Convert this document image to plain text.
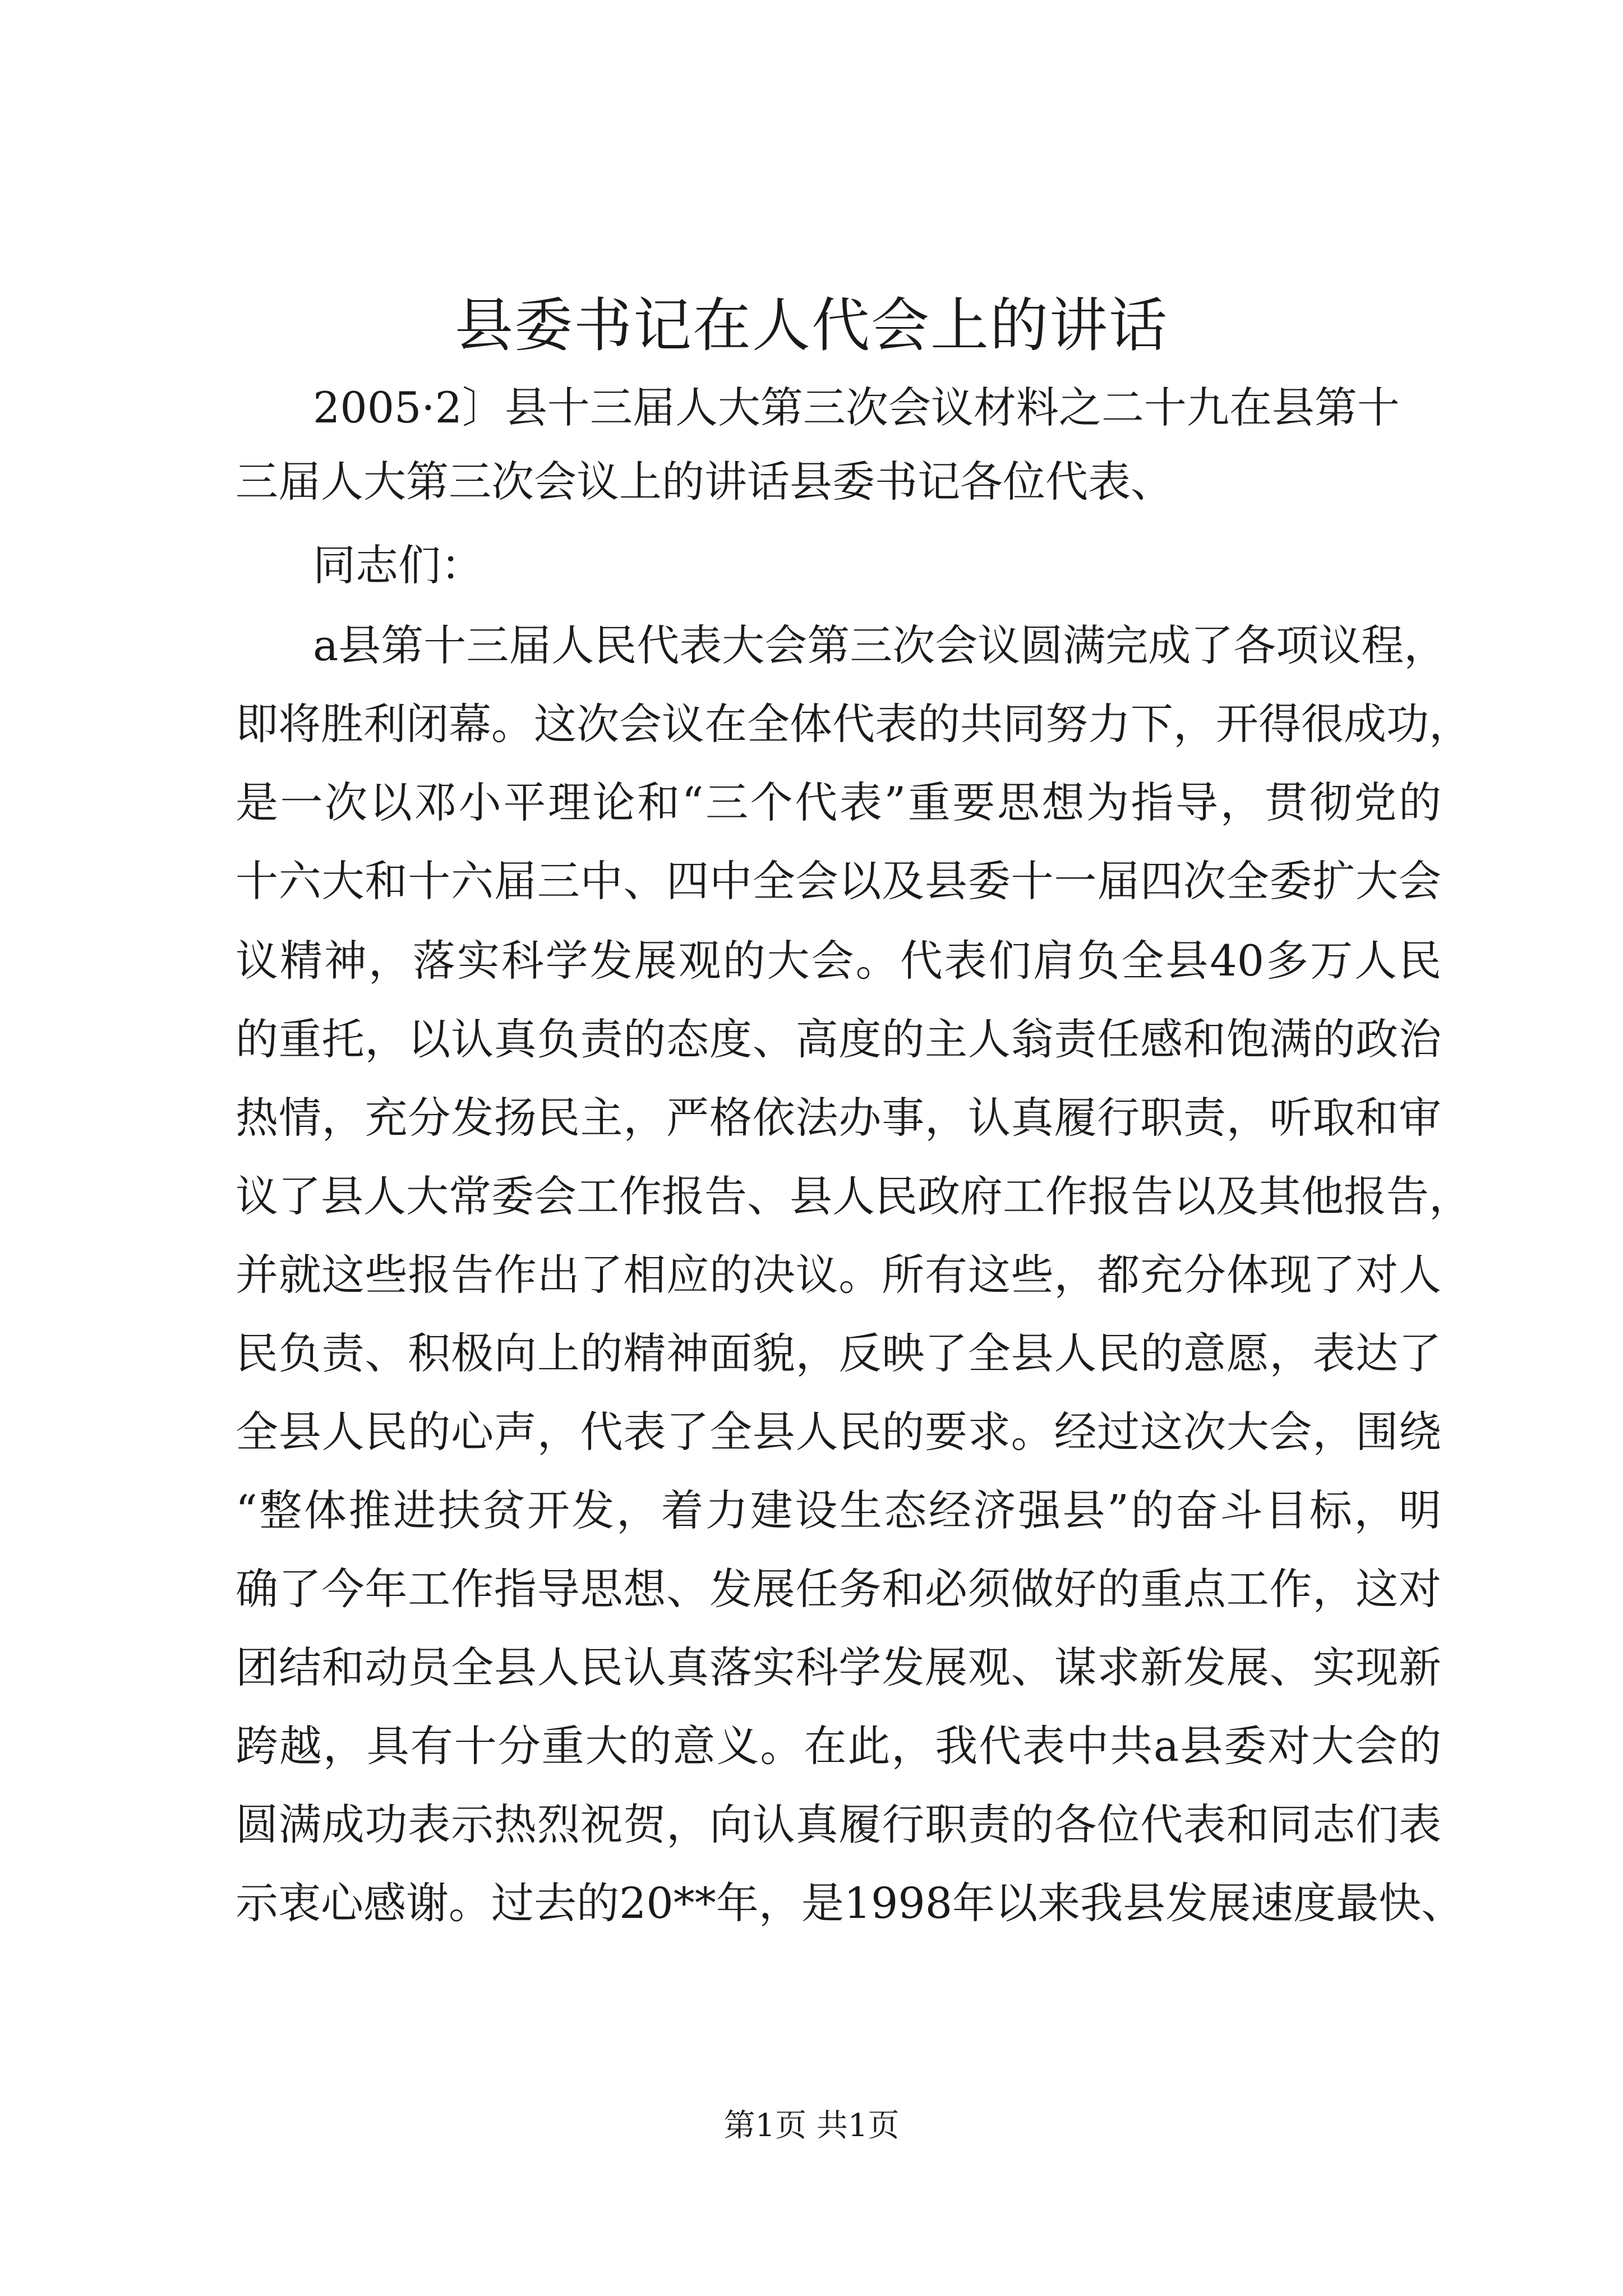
县委书记在人代会上的讲话
2005·2〕县十三届人大第三次会议材料之二十九在县第十
三届人大第三次会议上的讲话县委书记各位代表、
同志们：
a县第十三届人民代表大会第三次会议圆满完成了各项议程，
即将胜利闭幕。这次会议在全体代表的共同努力下，开得很成功，
是一次以邓小平理论和“三个代表”重要思想为指导，贯彻党的
十六大和十六届三中、四中全会以及县委十一届四次全委扩大会
议精神，落实科学发展观的大会。代表们肩负全县40多万人民
的重托，以认真负责的态度、高度的主人翁责任感和饱满的政治
热情，充分发扬民主，严格依法办事，认真履行职责，听取和审
议了县人大常委会工作报告、县人民政府工作报告以及其他报告，
并就这些报告作出了相应的决议。所有这些，都充分体现了对人
民负责、积极向上的精神面貌，反映了全县人民的意愿，表达了
全县人民的心声，代表了全县人民的要求。经过这次大会，围绕
“整体推进扶贫开发，着力建设生态经济强县”的奋斗目标，明
确了今年工作指导思想、发展任务和必须做好的重点工作，这对
团结和动员全县人民认真落实科学发展观、谋求新发展、实现新
跨越，具有十分重大的意义。在此，我代表中共a县委对大会的
圆满成功表示热烈祝贺，向认真履行职责的各位代表和同志们表
示衷心感谢。过去的20**年，是1998年以来我县发展速度最快、
第1页 共1页
